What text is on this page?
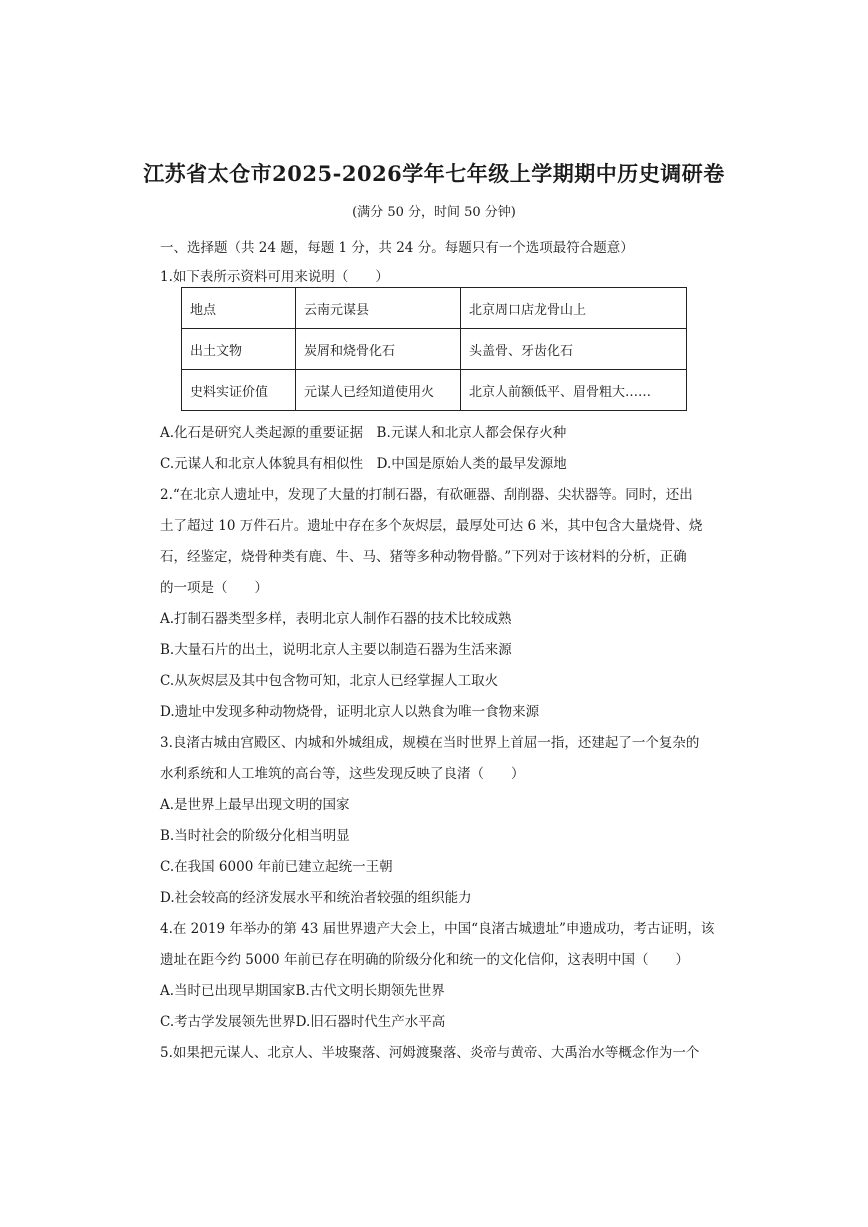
江苏省太仓市2025-2026学年七年级上学期期中历史调研卷
(满分 50 分，时间 50 分钟)
一、选择题（共 24 题，每题 1 分，共 24 分。每题只有一个选项最符合题意）
1.如下表所示资料可用来说明（　　）
地点	云南元谋县	北京周口店龙骨山上
出土文物	炭屑和烧骨化石	头盖骨、牙齿化石
史料实证价值	元谋人已经知道使用火	北京人前额低平、眉骨粗大……
A.化石是研究人类起源的重要证据　B.元谋人和北京人都会保存火种
C.元谋人和北京人体貌具有相似性　D.中国是原始人类的最早发源地
2.“在北京人遗址中，发现了大量的打制石器，有砍砸器、刮削器、尖状器等。同时，还出
土了超过 10 万件石片。遗址中存在多个灰烬层，最厚处可达 6 米，其中包含大量烧骨、烧
石，经鉴定，烧骨种类有鹿、牛、马、猪等多种动物骨骼。”下列对于该材料的分析，正确
的一项是（　　）
A.打制石器类型多样，表明北京人制作石器的技术比较成熟
B.大量石片的出土，说明北京人主要以制造石器为生活来源
C.从灰烬层及其中包含物可知，北京人已经掌握人工取火
D.遗址中发现多种动物烧骨，证明北京人以熟食为唯一食物来源
3.良渚古城由宫殿区、内城和外城组成，规模在当时世界上首屈一指，还建起了一个复杂的
水利系统和人工堆筑的高台等，这些发现反映了良渚（　　）
A.是世界上最早出现文明的国家
B.当时社会的阶级分化相当明显
C.在我国 6000 年前已建立起统一王朝
D.社会较高的经济发展水平和统治者较强的组织能力
4.在 2019 年举办的第 43 届世界遗产大会上，中国“良渚古城遗址”申遗成功，考古证明，该
遗址在距今约 5000 年前已存在明确的阶级分化和统一的文化信仰，这表明中国（　　）
A.当时已出现早期国家B.古代文明长期领先世界
C.考古学发展领先世界D.旧石器时代生产水平高
5.如果把元谋人、北京人、半坡聚落、河姆渡聚落、炎帝与黄帝、大禹治水等概念作为一个
